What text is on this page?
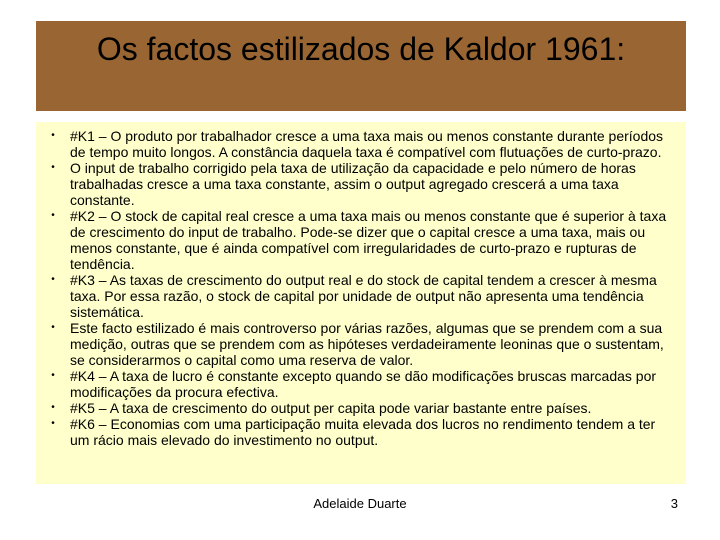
Os factos estilizados de Kaldor 1961:
•	#K1 – O produto por trabalhador cresce a uma taxa mais ou menos constante durante períodos de tempo muito longos. A constância daquela taxa é compatível com flutuações de curto-prazo.
•	O input de trabalho corrigido pela taxa de utilização da capacidade e pelo número de horas trabalhadas cresce a uma taxa constante, assim o output agregado crescerá a uma taxa constante.
•	#K2 – O stock de capital real cresce a uma taxa mais ou menos constante que é superior à taxa de crescimento do input de trabalho. Pode-se dizer que o capital cresce a uma taxa, mais ou menos constante, que é ainda compatível com irregularidades de curto-prazo e rupturas de tendência.
•	#K3 – As taxas de crescimento do output real e do stock de capital tendem a crescer à mesma taxa. Por essa razão, o stock de capital por unidade de output não apresenta uma tendência sistemática.
•	Este facto estilizado é mais controverso por várias razões, algumas que se prendem com a sua medição, outras que se prendem com as hipóteses verdadeiramente leoninas que o sustentam, se considerarmos o capital como uma reserva de valor.
•	#K4 – A taxa de lucro é constante excepto quando se dão modificações bruscas marcadas por modificações da procura efectiva.
•	#K5 – A taxa de crescimento do output per capita pode variar bastante entre países.
•	#K6 – Economias com uma participação muita elevada dos lucros no rendimento tendem a ter um rácio mais elevado do investimento no output.
Adelaide Duarte	3
